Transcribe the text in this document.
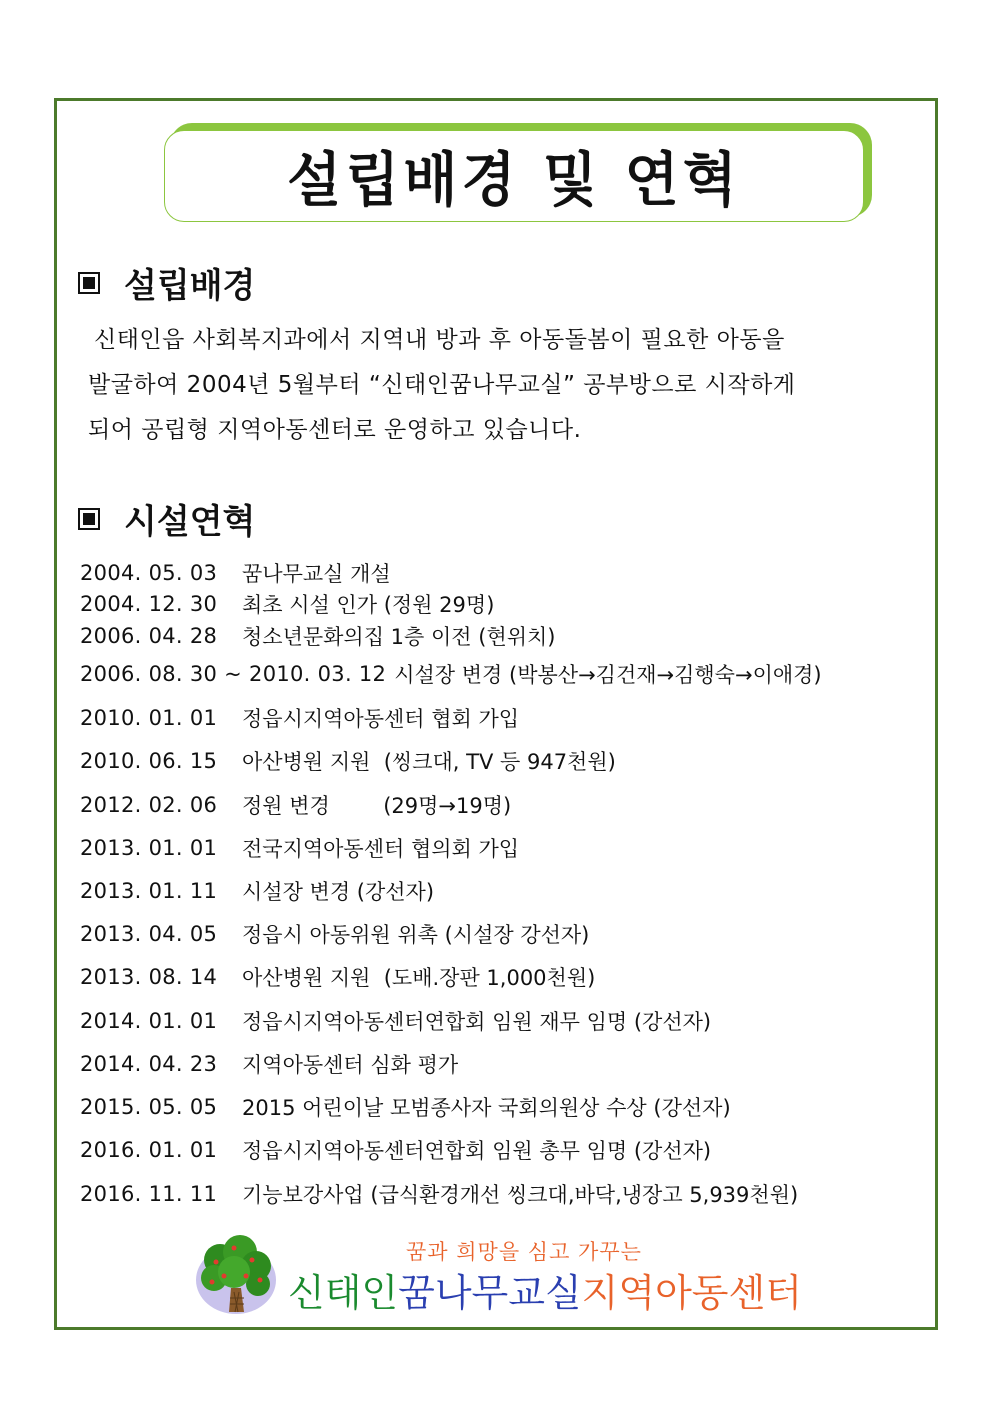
설립배경 및 연혁
설립배경

신태인읍 사회복지과에서 지역내 방과 후 아동돌봄이 필요한 아동을

발굴하여 2004년 5월부터 “신태인꿈나무교실” 공부방으로 시작하게

되어 공립형 지역아동센터로 운영하고 있습니다.

시설연혁
2004. 05. 03	꿈나무교실 개설
2004. 12. 30	최초 시설 인가 (정원 29명)
2006. 04. 28	청소년문화의집 1층 이전 (현위치)
2006. 08. 30 ~ 2010. 03. 12 시설장 변경 (박봉산→김건재→김행숙→이애경)
2010. 01. 01	정읍시지역아동센터 협회 가입
2010. 06. 15	아산병원 지원  (씽크대, TV 등 947천원)
2012. 02. 06	정원 변경        (29명→19명)
2013. 01. 01	전국지역아동센터 협의회 가입
2013. 01. 11	시설장 변경 (강선자)
2013. 04. 05	정읍시 아동위원 위촉 (시설장 강선자)
2013. 08. 14	아산병원 지원  (도배.장판 1,000천원)
2014. 01. 01	정읍시지역아동센터연합회 임원 재무 임명 (강선자)
2014. 04. 23	지역아동센터 심화 평가
2015. 05. 05	2015 어린이날 모범종사자 국회의원상 수상 (강선자)
2016. 01. 01	정읍시지역아동센터연합회 임원 총무 임명 (강선자)
2016. 11. 11	기능보강사업 (급식환경개선 씽크대,바닥,냉장고 5,939천원)
꿈과 희망을 심고 가꾸는
신태인꿈나무교실지역아동센터
